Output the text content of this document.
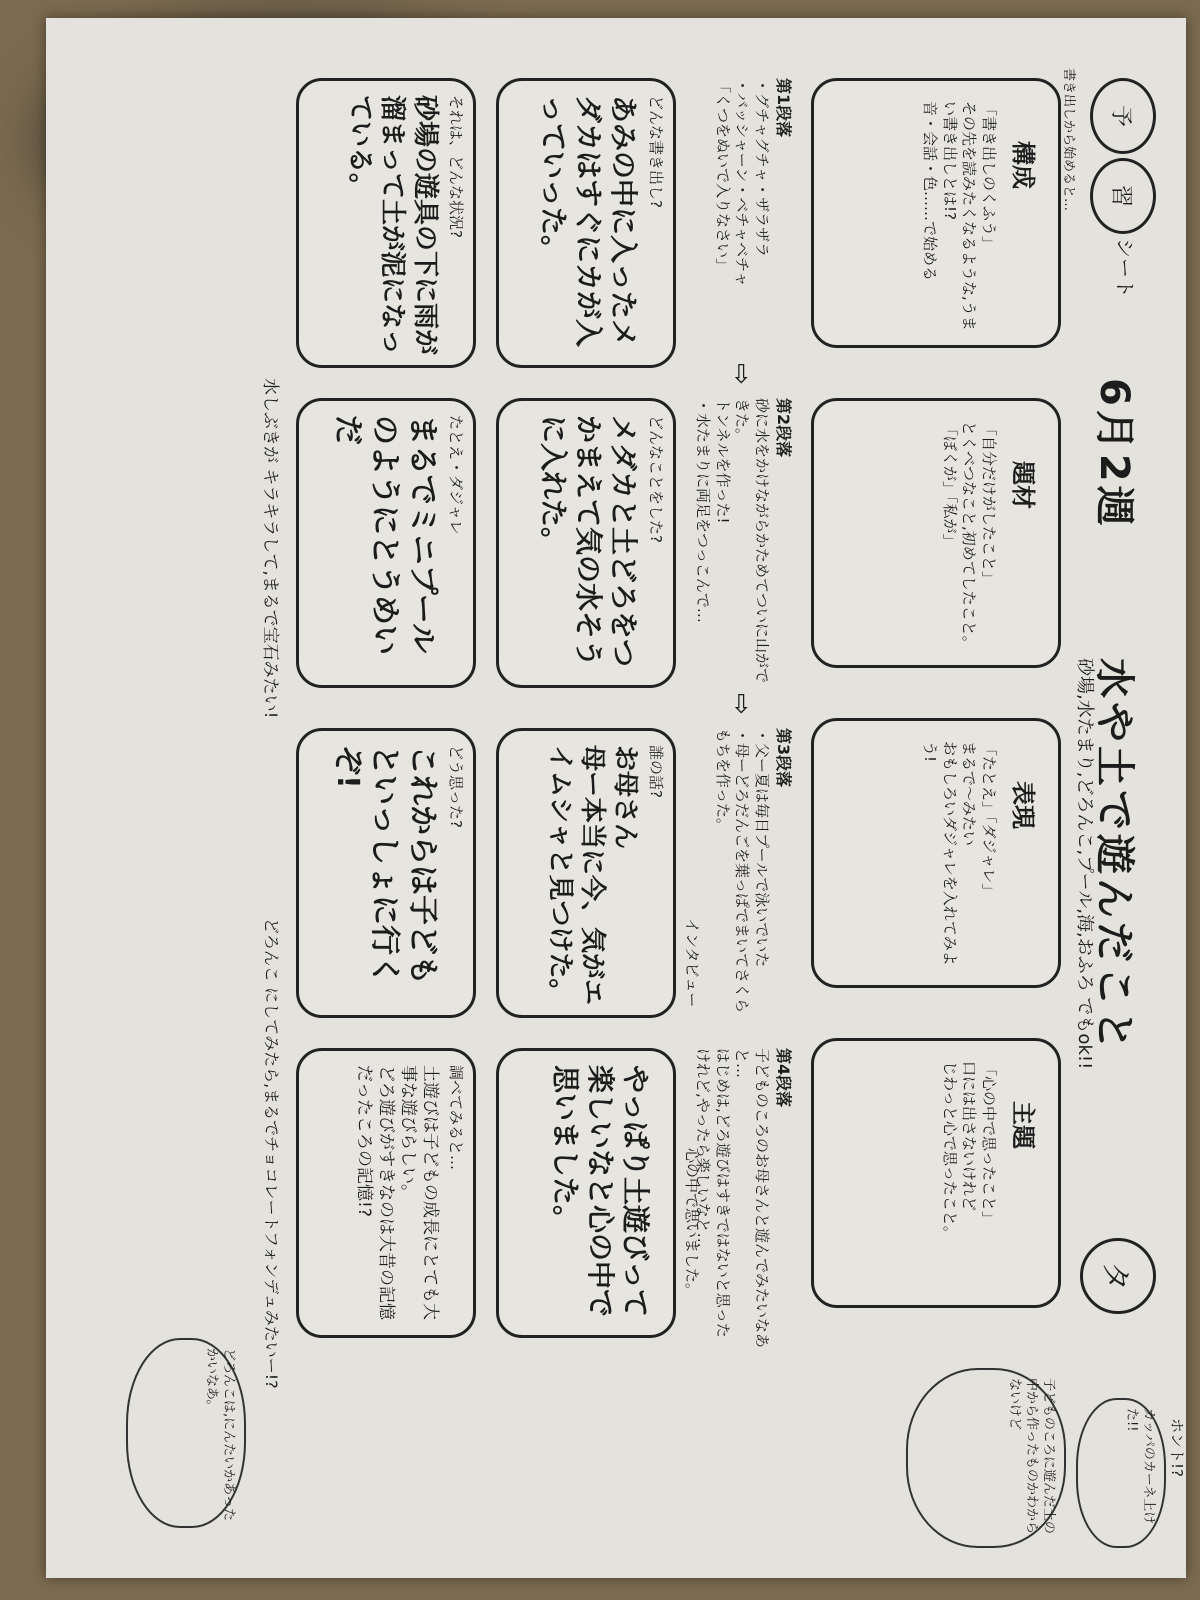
予
習
シート
6月2週
水や土で遊んだこと
砂場,水たまり,どろんこ,プール,海,おふろ でもok!!
タ
書き出しから始めると…
構成
「書き出しのくふう」
その先を読みたくなるような,うまい書き出しとは!?
音・会話・色……で始める
題材
「自分だけがしたこと」
とくべつなこと,初めてしたこと。「ぼくが」「私が」
表現
「たとえ」「ダジャレ」
まるで〜みたい
おもしろいダジャレを入れてみよう!
主題
「心の中で思ったこと」
口には出さないけれど
じわっと心で思ったこと。
第1段落
・グチャグチャ・ザラザラ
・バッシャーン・ベチャベチャ
「くつをぬいで入りなさい」
第2段落
砂に水をかけながらかためてついに山ができた。
トンネルを作った!
・水たまりに両足をつっこんで…
第3段落
・父ー夏は毎日プールで泳いでいた
・母ーどろだんごを葉っぱでまいてさくらもちを作った。
第4段落
子どものころのお母さんと遊んでみたいなあと…
はじめは,どろ遊びはすきではないと思ったけれど,やったら楽しいなと…
⇨
⇨
インタビュー
心の中で思いました。
どんな書き出し?
あみの中に入ったメダカはすぐにカが入っていった。
どんなことをした?
メダカと土どろをつかまえて気の水そうに入れた。
誰の話?
お母さん
母ー本当に今、気がエイムシャと見つけた。
やっぱり土遊びって楽しいなと心の中で思いました。
それは、どんな状況?
砂場の遊具の下に雨が溜まって土が泥になっている。
たとえ・ダジャレ
まるでミニプールのようにとうめいだ
どう思った?
これからは子どもといっしょに行くぞ!
調べてみると…
土遊びは子どもの成長にとても大事な遊びらしい。
どろ遊びがすきなのは大昔の記憶だったころの記憶!?
水しぶきが キラキラして,まるで宝石みたい!
どろんこ にしてみたら,まるでチョコレートフォンデュみたいー!?
どろんこは,にんたいかあったかいなあ。	子どものころに遊んだ土の中から作ったものかわからないけど
カッパのカーネ上けた!!	ホント!?
